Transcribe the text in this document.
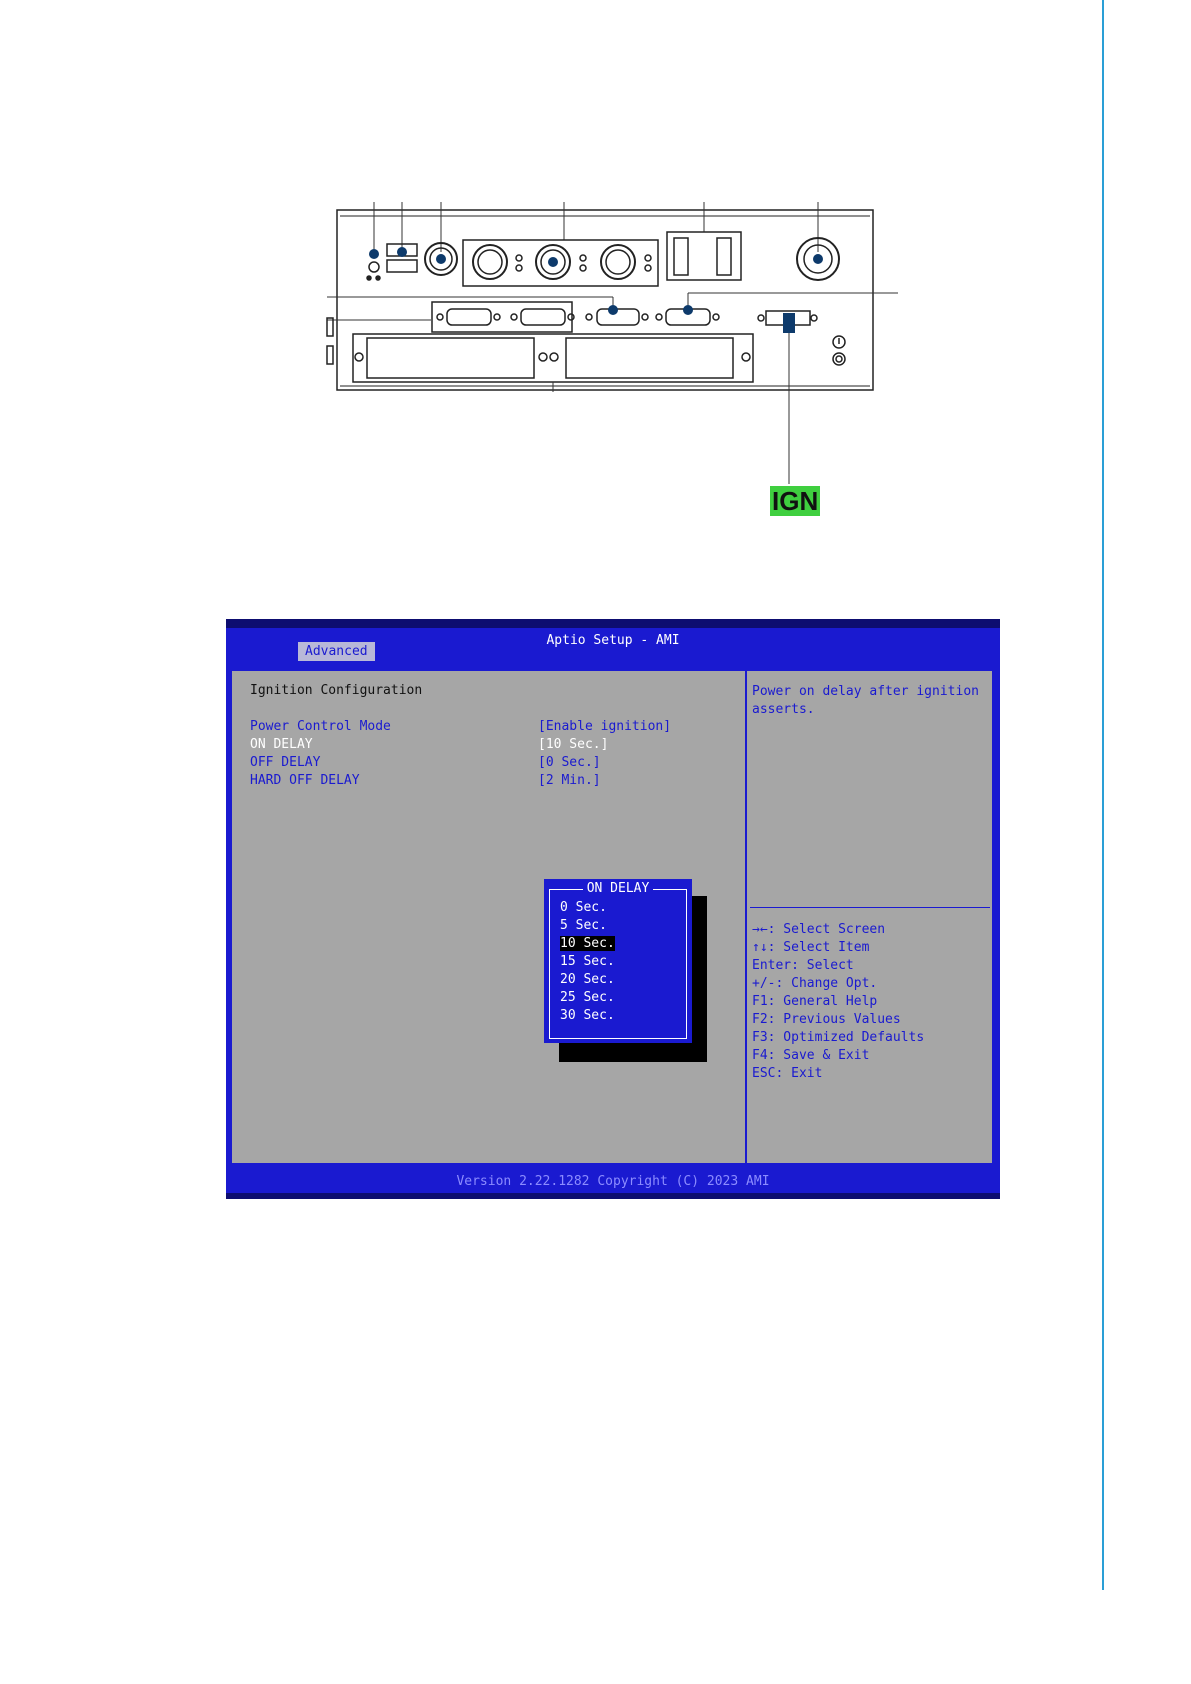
IGN
Aptio Setup - AMI
Advanced
Ignition Configuration
Power Control Mode	[Enable ignition]
ON DELAY	[10 Sec.]
OFF DELAY	[0 Sec.]
HARD OFF DELAY	[2 Min.]
ON DELAY
0 Sec.
5 Sec.
10 Sec.
15 Sec.
20 Sec.
25 Sec.
30 Sec.
Power on delay after ignition asserts.
→←: Select Screen
↑↓: Select Item
Enter: Select
+/-: Change Opt.
F1: General Help
F2: Previous Values
F3: Optimized Defaults
F4: Save & Exit
ESC: Exit
Version 2.22.1282 Copyright (C) 2023 AMI
